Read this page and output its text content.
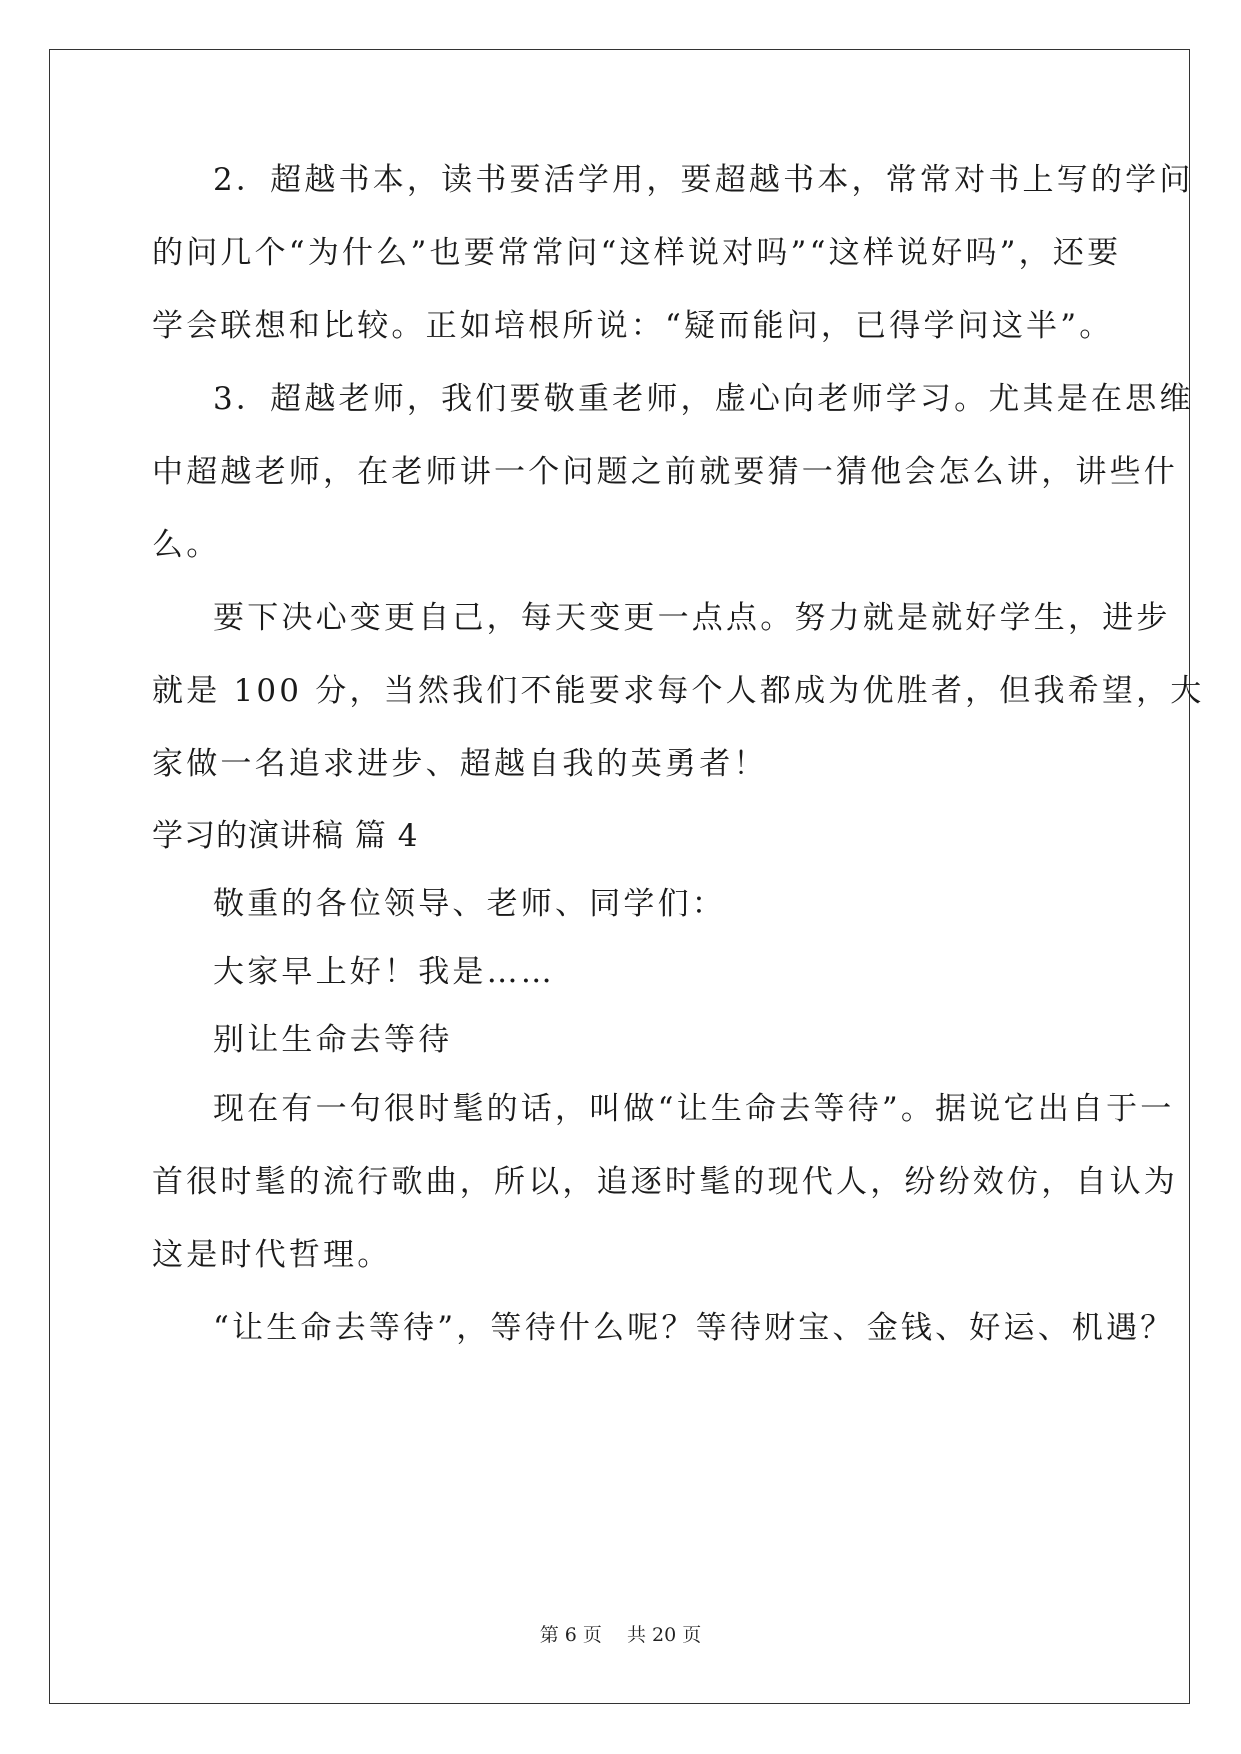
2．超越书本，读书要活学用，要超越书本，常常对书上写的学问
的问几个“为什么”也要常常问“这样说对吗”“这样说好吗”，还要
学会联想和比较。正如培根所说：“疑而能问，已得学问这半”。
3．超越老师，我们要敬重老师，虚心向老师学习。尤其是在思维
中超越老师，在老师讲一个问题之前就要猜一猜他会怎么讲，讲些什
么。
要下决心变更自己，每天变更一点点。努力就是就好学生，进步
就是 100 分，当然我们不能要求每个人都成为优胜者，但我希望，大
家做一名追求进步、超越自我的英勇者！
学习的演讲稿 篇 4
敬重的各位领导、老师、同学们：
大家早上好！我是……
别让生命去等待
现在有一句很时髦的话，叫做“让生命去等待”。据说它出自于一
首很时髦的流行歌曲，所以，追逐时髦的现代人，纷纷效仿，自认为
这是时代哲理。
“让生命去等待”，等待什么呢？等待财宝、金钱、好运、机遇？
第 6 页　 共 20 页
